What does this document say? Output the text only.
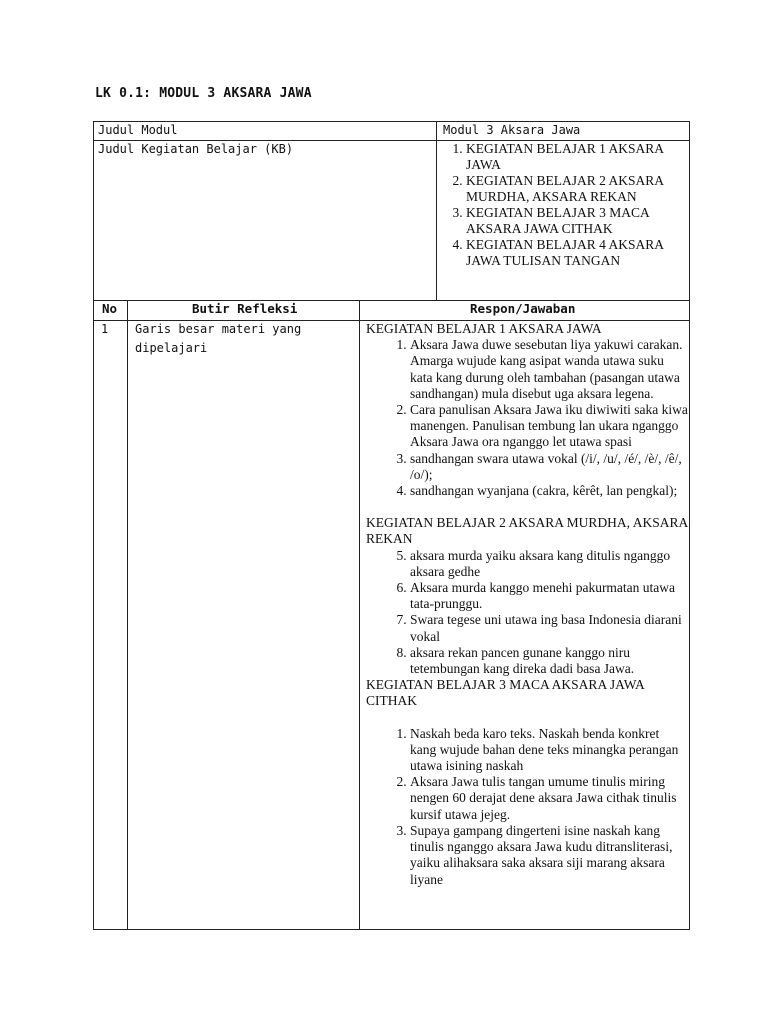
LK 0.1: MODUL 3 AKSARA JAWA
Judul Modul	Modul 3 Aksara Jawa
Judul Kegiatan Belajar (KB)
1.	KEGIATAN BELAJAR 1 AKSARA JAWA
2. KEGIATAN BELAJAR 2 AKSARA MURDHA, AKSARA REKAN
3. KEGIATAN BELAJAR 3 MACA AKSARA JAWA CITHAK
4. KEGIATAN BELAJAR 4 AKSARA JAWA TULISAN TANGAN
No	Butir Refleksi	Respon/Jawaban
1 Garis besar materi yang dipelajari
KEGIATAN BELAJAR 1 AKSARA JAWA
1. Aksara Jawa duwe sesebutan liya yakuwi carakan. Amarga wujude kang asipat wanda utawa suku kata kang durung oleh tambahan (pasangan utawa sandhangan) mula disebut uga aksara legena.
2. Cara panulisan Aksara Jawa iku diwiwiti saka kiwa manengen. Panulisan tembung lan ukara nganggo Aksara Jawa ora nganggo let utawa spasi
3. sandhangan swara utawa vokal (/i/, /u/, /é/, /è/, /ê/, /o/);
4. sandhangan wyanjana (cakra, kêrêt, lan pengkal);
KEGIATAN BELAJAR 2 AKSARA MURDHA, AKSARA REKAN
5. aksara murda yaiku aksara kang ditulis nganggo aksara gedhe
6. Aksara murda kanggo menehi pakurmatan utawa tata-prunggu.
7. Swara tegese uni utawa ing basa Indonesia diarani vokal
8. aksara rekan pancen gunane kanggo niru tetembungan kang direka dadi basa Jawa.
KEGIATAN BELAJAR 3 MACA AKSARA JAWA CITHAK
1. Naskah beda karo teks. Naskah benda konkret kang wujude bahan dene teks minangka perangan utawa isining naskah
2. Aksara Jawa tulis tangan umume tinulis miring nengen 60 derajat dene aksara Jawa cithak tinulis kursif utawa jejeg.
3. Supaya gampang dingerteni isine naskah kang tinulis nganggo aksara Jawa kudu ditransliterasi, yaiku alihaksara saka aksara siji marang aksara liyane
